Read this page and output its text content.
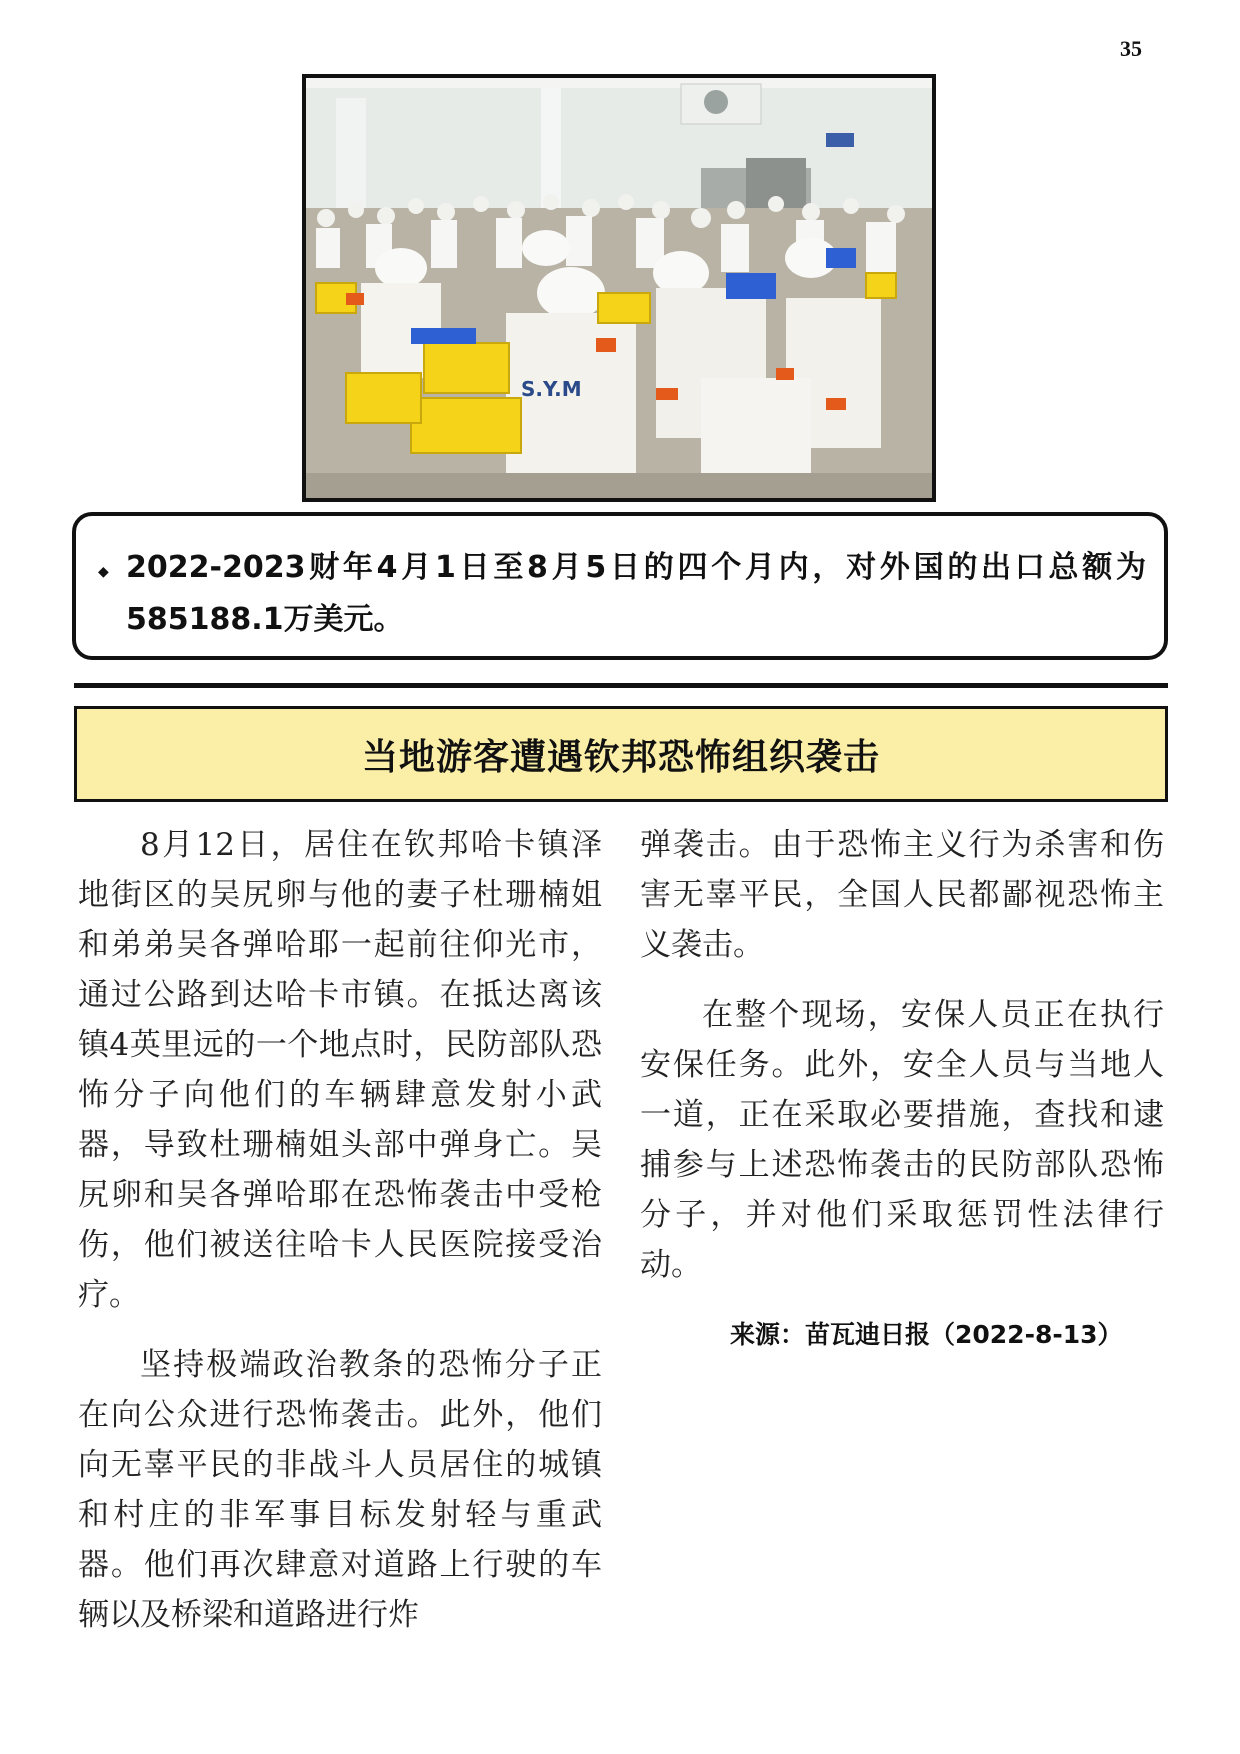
35
S.Y.M
◆ 2022-2023财年4月1日至8月5日的四个月内，对外国的出口总额为585188.1万美元。

当地游客遭遇钦邦恐怖组织袭击

8月12日，居住在钦邦哈卡镇泽地街区的吴尻卵与他的妻子杜珊楠姐和弟弟吴各弹哈耶一起前往仰光市，通过公路到达哈卡市镇。在抵达离该镇4英里远的一个地点时，民防部队恐怖分子向他们的车辆肆意发射小武器，导致杜珊楠姐头部中弹身亡。吴尻卵和吴各弹哈耶在恐怖袭击中受枪伤，他们被送往哈卡人民医院接受治疗。

坚持极端政治教条的恐怖分子正在向公众进行恐怖袭击。此外，他们向无辜平民的非战斗人员居住的城镇和村庄的非军事目标发射轻与重武器。他们再次肆意对道路上行驶的车辆以及桥梁和道路进行炸

弹袭击。由于恐怖主义行为杀害和伤害无辜平民，全国人民都鄙视恐怖主义袭击。

在整个现场，安保人员正在执行安保任务。此外，安全人员与当地人一道，正在采取必要措施，查找和逮捕参与上述恐怖袭击的民防部队恐怖分子，并对他们采取惩罚性法律行动。

来源：苗瓦迪日报（2022-8-13）
